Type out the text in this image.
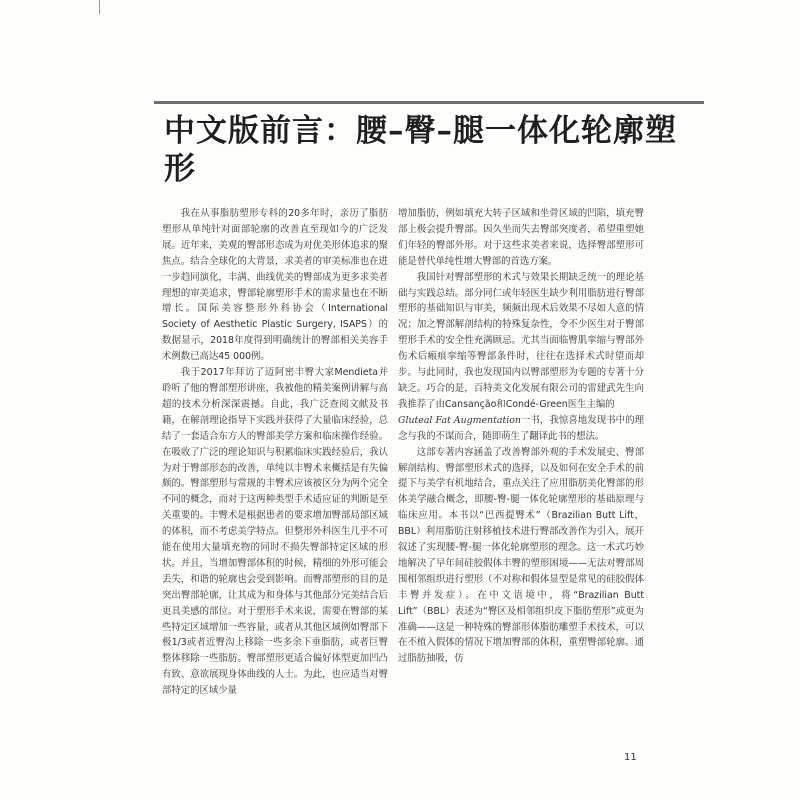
中文版前言：腰–臀–腿一体化轮廓塑形

我在从事脂肪塑形专科的20多年时，亲历了脂肪塑形从单纯针对面部轮廓的改善直至现如今的广泛发展。近年来，美观的臀部形态成为对优美形体追求的聚焦点。结合全球化的大背景，求美者的审美标准也在进一步趋同演化，丰满、曲线优美的臀部成为更多求美者理想的审美追求，臀部轮廓塑形手术的需求量也在不断增长。国际美容整形外科协会（International Society of Aesthetic Plastic Surgery, ISAPS）的数据显示，2018年度得到明确统计的臀部相关美容手术例数已高达45 000例。

我于2017年拜访了迈阿密丰臀大家Mendieta并聆听了他的臀部塑形讲座，我被他的精美案例讲解与高超的技术分析深深震撼。自此，我广泛查阅文献及书籍，在解剖理论指导下实践并获得了大量临床经验，总结了一套适合东方人的臀部美学方案和临床操作经验。在吸收了广泛的理论知识与积累临床实践经验后，我认为对于臀部形态的改善，单纯以丰臀术来概括是有失偏颇的。臀部塑形与常规的丰臀术应该被区分为两个完全不同的概念，而对于这两种类型手术适应证的判断是至关重要的。丰臀术是根据患者的要求增加臀部局部区域的体积，而不考虑美学特点。但整形外科医生几乎不可能在使用大量填充物的同时不损失臀部特定区域的形状。并且，当增加臀部体积的时候，精细的外形可能会丢失，和谐的轮廓也会受到影响。而臀部塑形的目的是突出臀部轮廓，让其成为和身体与其他部分完美结合后更具美感的部位。对于塑形手术来说，需要在臀部的某些特定区域增加一些容量，或者从其他区域例如臀部下极1/3或者近臀沟上移除一些多余下垂脂肪，或者巨臀整体移除一些脂肪。臀部塑形更适合偏好体型更加凹凸有致、意欲展现身体曲线的人士。为此，也应适当对臀部特定的区域少量

增加脂肪，例如填充大转子区域和坐骨区域的凹陷，填充臀部上极会提升臀部。因久坐而失去臀部突度者，希望重塑她们年轻的臀部外形。对于这些求美者来说，选择臀部塑形可能是替代单纯性增大臀部的首选方案。

我国针对臀部塑形的术式与效果长期缺乏统一的理论基础与实践总结。部分同仁或年轻医生缺少利用脂肪进行臀部塑形的基础知识与审美，频频出现术后效果不尽如人意的情况；加之臀部解剖结构的特殊复杂性，令不少医生对于臀部塑形手术的安全性充满顾忌。尤其当面临臀肌挛缩与臀部外伤术后瘢痕挛缩等臀部条件时，往往在选择术式时望而却步。与此同时，我也发现国内以臀部塑形为专题的专著十分缺乏。巧合的是，百特美文化发展有限公司的雷建武先生向我推荐了由Cansanção和Condé-Green医生主编的

Gluteal Fat Augmentation一书，我惊喜地发现书中的理念与我的不谋而合，随即萌生了翻译此书的想法。

这部专著内容涵盖了改善臀部外观的手术发展史、臀部解剖结构、臀部塑形术式的选择，以及如何在安全手术的前提下与美学有机地结合，重点关注了应用脂肪美化臀部的形体美学融合概念，即腰-臀-腿一体化轮廓塑形的基础原理与临床应用。本书以“巴西提臀术”（Brazilian Butt Lift，BBL）利用脂肪注射移植技术进行臀部改善作为引入，展开叙述了实现腰-臀-腿一体化轮廓塑形的理念。这一术式巧妙地解决了早年间硅胶假体丰臀的塑形困境——无法对臀部周围相邻组织进行塑形（不对称和假体显型是常见的硅胶假体丰臀并发症）。在中文语境中，将“Brazilian Butt Lift”（BBL）表述为“臀区及相邻组织皮下脂肪塑形”或更为准确——这是一种特殊的臀部形体脂肪雕塑手术技术，可以在不植入假体的情况下增加臀部的体积，重塑臀部轮廓。通过脂肪抽吸，仿

11
